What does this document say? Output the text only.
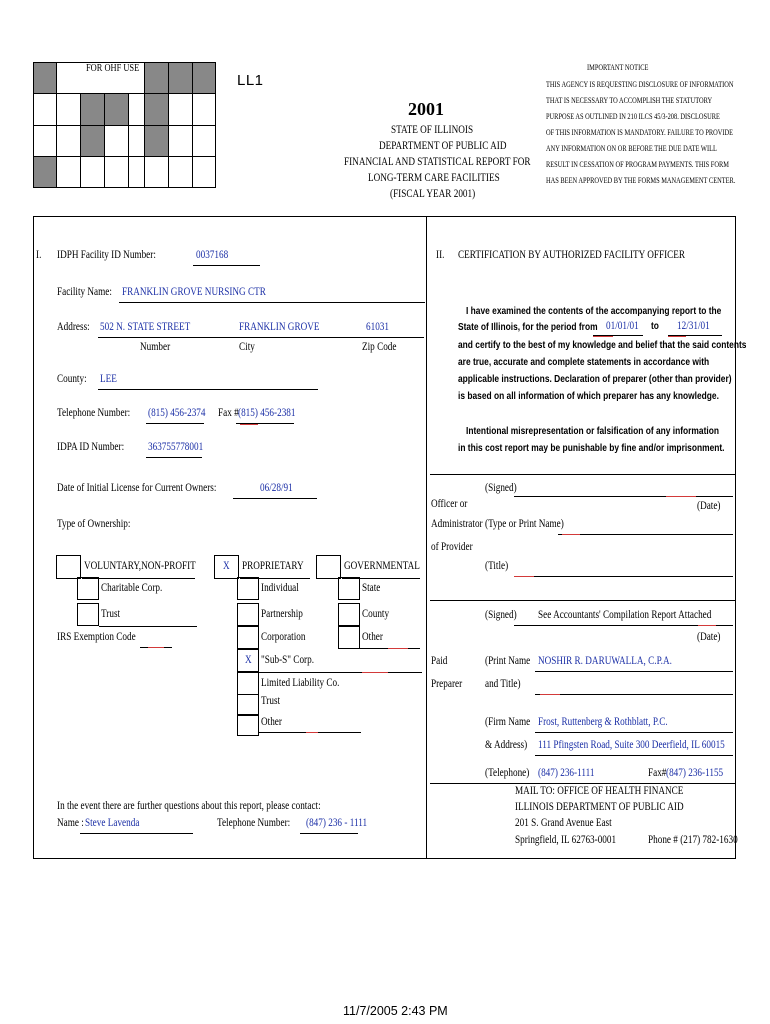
FOR OHF USE
LL1
2001
STATE OF ILLINOIS
DEPARTMENT OF PUBLIC AID
FINANCIAL AND STATISTICAL REPORT FOR
LONG-TERM CARE FACILITIES
(FISCAL YEAR 2001)
IMPORTANT NOTICE
THIS AGENCY IS REQUESTING DISCLOSURE OF INFORMATION
THAT IS NECESSARY TO ACCOMPLISH THE STATUTORY
PURPOSE AS OUTLINED IN 210 ILCS 45/3-208. DISCLOSURE
OF THIS INFORMATION IS MANDATORY. FAILURE TO PROVIDE
ANY INFORMATION ON OR BEFORE THE DUE DATE WILL
RESULT IN CESSATION OF PROGRAM PAYMENTS. THIS FORM
HAS BEEN APPROVED BY THE FORMS MANAGEMENT CENTER.
I. IDPH Facility ID Number:	0037168
Facility Name: FRANKLIN GROVE NURSING CTR
Address: 502 N. STATE STREET	FRANKLIN GROVE	61031
Number	City	Zip Code
County: LEE
Telephone Number: (815) 456-2374 Fax # (815) 456-2381
IDPA ID Number: 363755778001
Date of Initial License for Current Owners:	06/28/91
Type of Ownership:
VOLUNTARY,NON-PROFIT
Charitable Corp.
Trust
IRS Exemption Code
X PROPRIETARY
Individual
Partnership
Corporation
X "Sub-S" Corp.
Limited Liability Co.
Trust
Other
GOVERNMENTAL
State
County
Other
In the event there are further questions about this report, please contact:
Name : Steve Lavenda	Telephone Number: (847) 236 - 1111
II. CERTIFICATION BY AUTHORIZED FACILITY OFFICER
I have examined the contents of the accompanying report to the
State of Illinois, for the period from 01/01/01 to 12/31/01
and certify to the best of my knowledge and belief that the said contents
are true, accurate and complete statements in accordance with
applicable instructions. Declaration of preparer (other than provider)
is based on all information of which preparer has any knowledge.
Intentional misrepresentation or falsification of any information
in this cost report may be punishable by fine and/or imprisonment.
Officer or
Administrator
of Provider
(Signed)
(Date)
(Type or Print Name)
(Title)
(Signed) See Accountants' Compilation Report Attached
(Date)
Paid
Preparer
(Print Name NOSHIR R. DARUWALLA, C.P.A.
and Title)
(Firm Name Frost, Ruttenberg & Rothblatt, P.C.
& Address) 111 Pfingsten Road, Suite 300 Deerfield, IL 60015
(Telephone) (847) 236-1111	Fax# (847) 236-1155
MAIL TO: OFFICE OF HEALTH FINANCE
ILLINOIS DEPARTMENT OF PUBLIC AID
201 S. Grand Avenue East
Springfield, IL 62763-0001	Phone # (217) 782-1630
11/7/2005 2:43 PM
